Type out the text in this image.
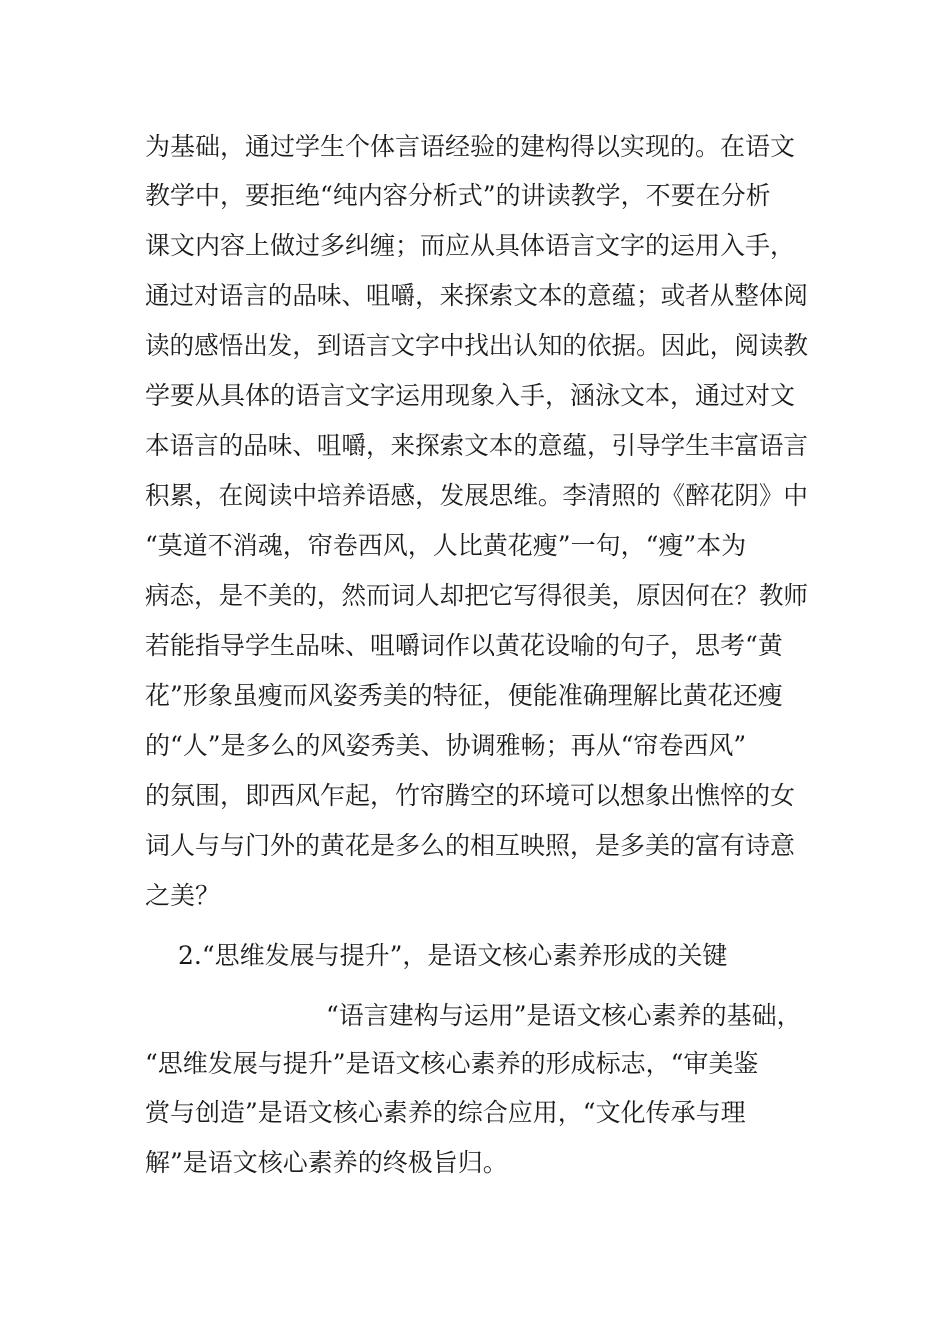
为基础，通过学生个体言语经验的建构得以实现的。在语文
教学中，要拒绝“纯内容分析式”的讲读教学，不要在分析
课文内容上做过多纠缠；而应从具体语言文字的运用入手，
通过对语言的品味、咀嚼，来探索文本的意蕴；或者从整体阅
读的感悟出发，到语言文字中找出认知的依据。因此，阅读教
学要从具体的语言文字运用现象入手，涵泳文本，通过对文
本语言的品味、咀嚼，来探索文本的意蕴，引导学生丰富语言
积累，在阅读中培养语感，发展思维。李清照的《醉花阴》中
“莫道不消魂，帘卷西风，人比黄花瘦”一句，“瘦”本为
病态，是不美的，然而词人却把它写得很美，原因何在？教师
若能指导学生品味、咀嚼词作以黄花设喻的句子，思考“黄
花”形象虽瘦而风姿秀美的特征，便能准确理解比黄花还瘦
的“人”是多么的风姿秀美、协调雅畅；再从“帘卷西风”
的氛围，即西风乍起，竹帘腾空的环境可以想象出憔悴的女
词人与与门外的黄花是多么的相互映照，是多美的富有诗意
之美？
2.“思维发展与提升”，是语文核心素养形成的关键
“语言建构与运用”是语文核心素养的基础，
“思维发展与提升”是语文核心素养的形成标志，“审美鉴
赏与创造”是语文核心素养的综合应用，“文化传承与理
解”是语文核心素养的终极旨归。
